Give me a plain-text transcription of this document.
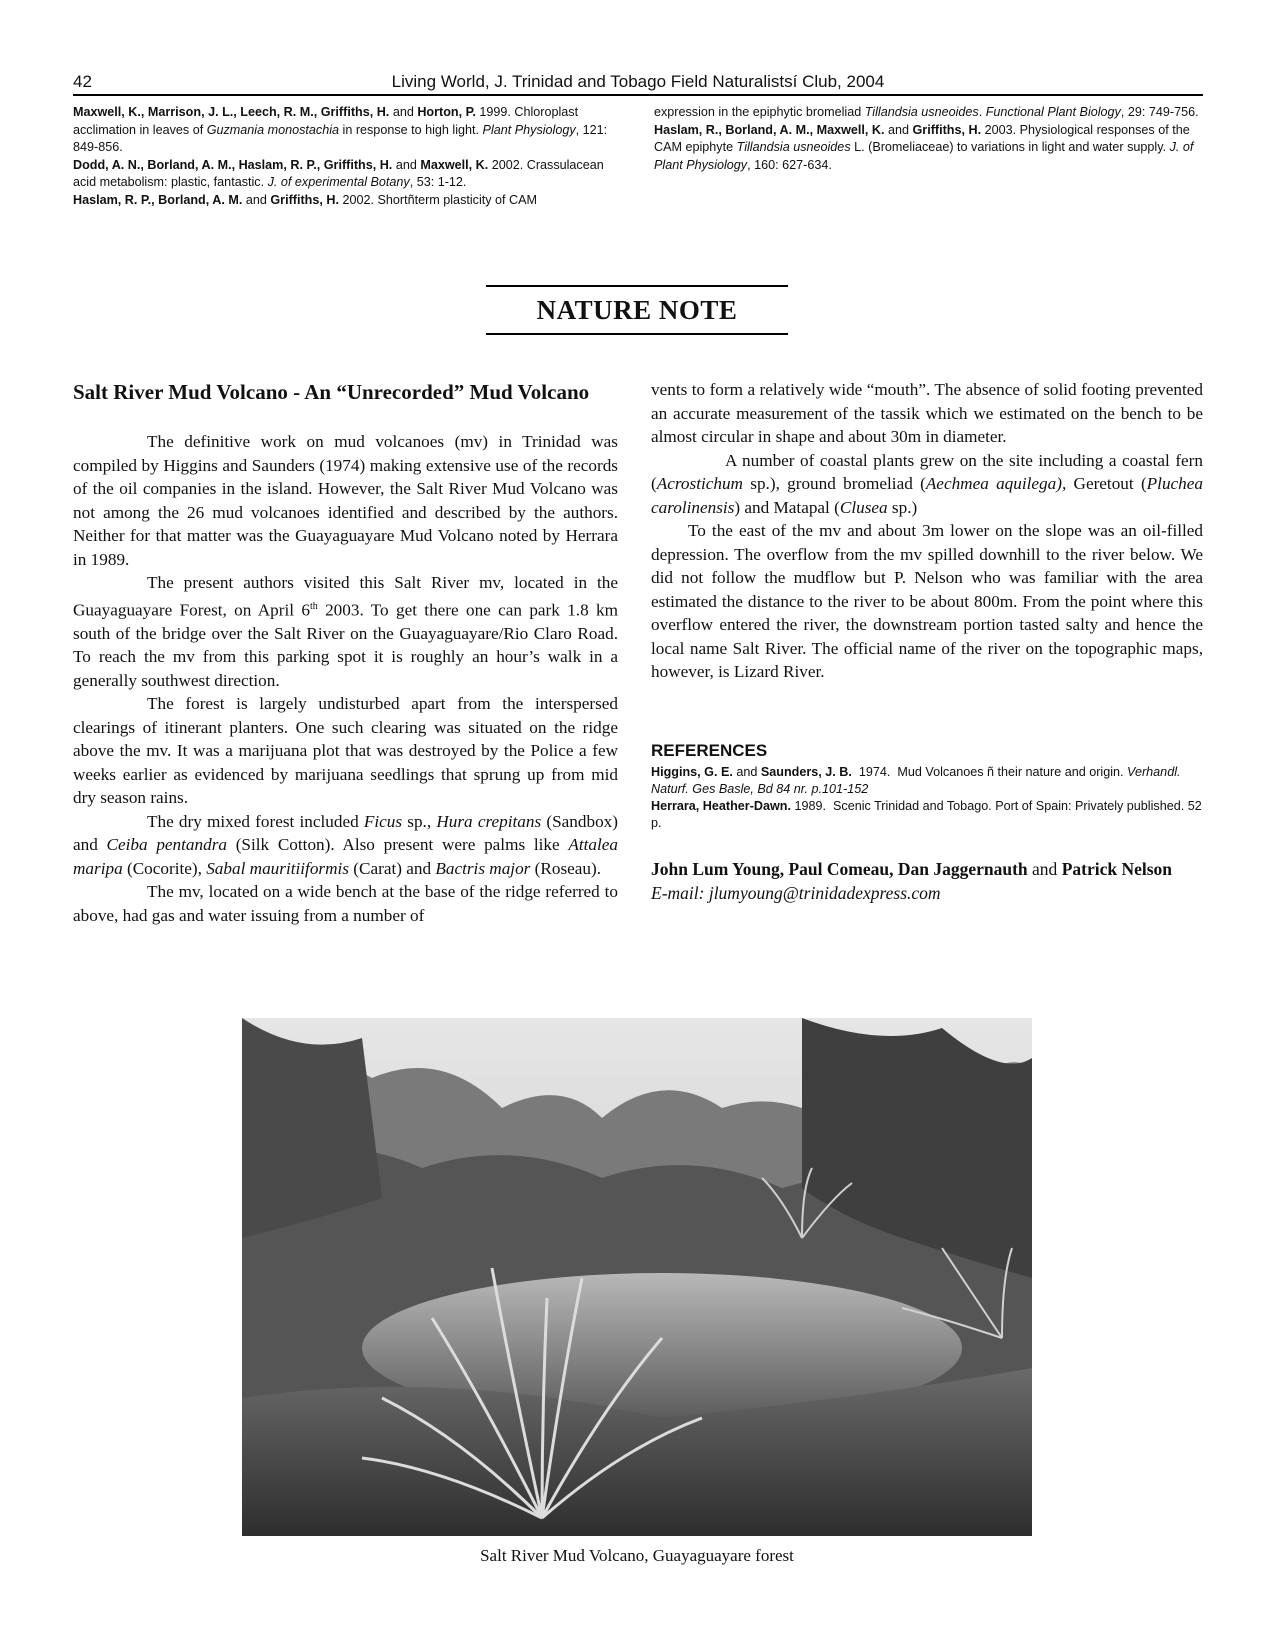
42	Living World, J. Trinidad and Tobago Field Naturalistsí Club, 2004

Maxwell, K., Marrison, J. L., Leech, R. M., Griffiths, H. and Horton, P. 1999. Chloroplast acclimation in leaves of Guzmania monostachia in response to high light. Plant Physiology, 121: 849-856.

Dodd, A. N., Borland, A. M., Haslam, R. P., Griffiths, H. and Maxwell, K. 2002. Crassulacean acid metabolism: plastic, fantastic. J. of experimental Botany, 53: 1-12.

Haslam, R. P., Borland, A. M. and Griffiths, H. 2002. Shortñterm plasticity of CAM

expression in the epiphytic bromeliad Tillandsia usneoides. Functional Plant Biology, 29: 749-756.

Haslam, R., Borland, A. M., Maxwell, K. and Griffiths, H. 2003. Physiological responses of the CAM epiphyte Tillandsia usneoides L. (Bromeliaceae) to variations in light and water supply. J. of Plant Physiology, 160: 627-634.

NATURE NOTE
Salt River Mud Volcano - An “Unrecorded” Mud Volcano

The definitive work on mud volcanoes (mv) in Trinidad was compiled by Higgins and Saunders (1974) making extensive use of the records of the oil companies in the island. However, the Salt River Mud Volcano was not among the 26 mud volcanoes identified and described by the authors. Neither for that matter was the Guayaguayare Mud Volcano noted by Herrara in 1989.

The present authors visited this Salt River mv, located in the Guayaguayare Forest, on April 6th 2003. To get there one can park 1.8 km south of the bridge over the Salt River on the Guayaguayare/Rio Claro Road. To reach the mv from this parking spot it is roughly an hour’s walk in a generally southwest direction.

The forest is largely undisturbed apart from the interspersed clearings of itinerant planters. One such clearing was situated on the ridge above the mv. It was a marijuana plot that was destroyed by the Police a few weeks earlier as evidenced by marijuana seedlings that sprung up from mid dry season rains.

The dry mixed forest included Ficus sp., Hura crepitans (Sandbox) and Ceiba pentandra (Silk Cotton). Also present were palms like Attalea maripa (Cocorite), Sabal mauritiiformis (Carat) and Bactris major (Roseau).

The mv, located on a wide bench at the base of the ridge referred to above, had gas and water issuing from a number of

vents to form a relatively wide “mouth”. The absence of solid footing prevented an accurate measurement of the tassik which we estimated on the bench to be almost circular in shape and about 30m in diameter.

A number of coastal plants grew on the site including a coastal fern (Acrostichum sp.), ground bromeliad (Aechmea aquilega), Geretout (Pluchea carolinensis) and Matapal (Clusea sp.)

To the east of the mv and about 3m lower on the slope was an oil-filled depression. The overflow from the mv spilled downhill to the river below. We did not follow the mudflow but P. Nelson who was familiar with the area estimated the distance to the river to be about 800m. From the point where this overflow entered the river, the downstream portion tasted salty and hence the local name Salt River. The official name of the river on the topographic maps, however, is Lizard River.

REFERENCES

Higgins, G. E. and Saunders, J. B. 1974. Mud Volcanoes ñ their nature and origin. Verhandl. Naturf. Ges Basle, Bd 84 nr. p.101-152

Herrara, Heather-Dawn. 1989. Scenic Trinidad and Tobago. Port of Spain: Privately published. 52 p.

John Lum Young, Paul Comeau, Dan Jaggernauth and Patrick Nelson
E-mail: jlumyoung@trinidadexpress.com
Salt River Mud Volcano, Guayaguayare forest
